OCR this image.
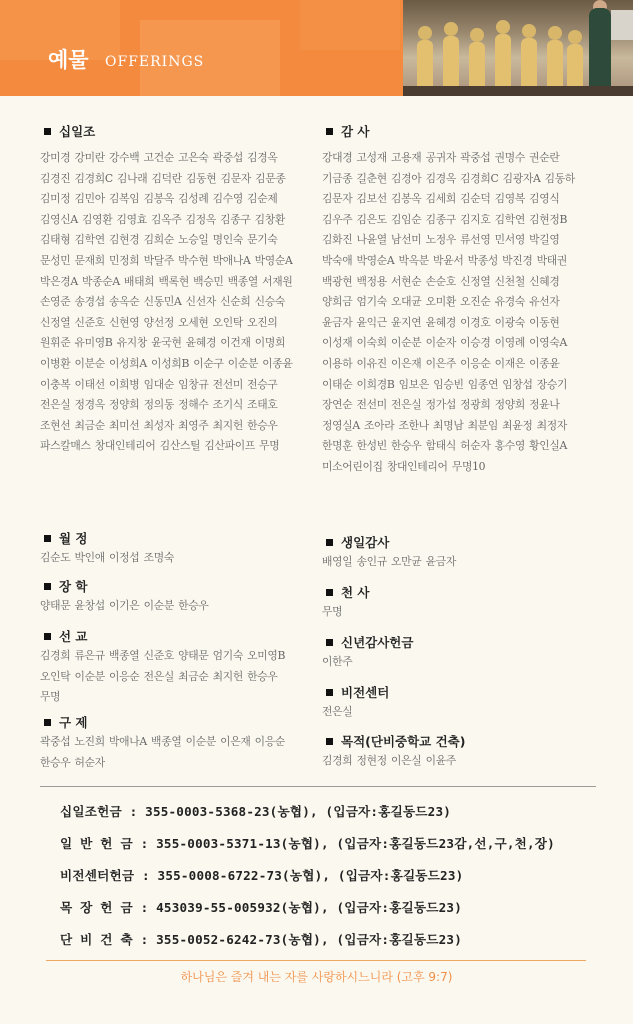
예물 OFFERINGS
십일조
강미경 강미란 강수백 고건순 고은숙 곽중섭 김경옥
김경진 김경희C 김나래 김덕란 김동현 김문자 김문종
김미정 김민아 김복임 김봉옥 김성례 김수영 김순제
김영신A 김영환 김영효 김옥주 김정옥 김종구 김창환
김태형 김학연 김현경 김희순 노승일 명인숙 문기숙
문성민 문재희 민정희 박달주 박수현 박애나A 박영순A
박은경A 박종순A 배태희 백록현 백승민 백종열 서재원
손영준 송경섭 송옥순 신동민A 신선자 신순희 신승숙
신정열 신준호 신현영 양선정 오세현 오인탁 오진의
원휘준 유미영B 유지창 윤국현 윤혜경 이건재 이명희
이병환 이분순 이성희A 이성희B 이순구 이순분 이종윤
이충복 이태선 이희병 임대순 임창규 전선미 전승구
전은실 정경옥 정양희 정의동 정해수 조기식 조태호
조현선 최금순 최미선 최성자 최영주 최지헌 한승우
파스칼매스 창대인테리어 김산스틸 김산파이프 무명
감 사
강대경 고성재 고용재 공귀자 곽중섭 권명수 권순란
기금종 길춘현 김경아 김경옥 김경희C 김광자A 김동하
김문자 김보선 김봉옥 김세희 김순덕 김영복 김영식
김우주 김은도 김임순 김종구 김지호 김학연 김현정B
김화진 나윤열 남선미 노정우 류선영 민서영 박길영
박숙애 박영순A 박옥분 박윤서 박종성 박진경 박태권
백광현 백정용 서현순 손순호 신정열 신천철 신혜경
양희금 엄기숙 오대균 오미환 오진순 유경숙 유선자
윤금자 윤익근 윤지연 윤혜경 이경호 이광숙 이동현
이성재 이숙희 이순분 이순자 이승경 이영례 이영숙A
이용하 이유진 이은재 이은주 이응순 이재은 이종윤
이태순 이희경B 임보은 임승빈 임종연 임창섭 장승기
장연순 전선미 전은실 정가섭 정광희 정양희 정윤나
정영실A 조아라 조한나 최명남 최분임 최윤정 최정자
한명훈 한성빈 한승우 함태식 허순자 홍수영 황인실A
미소어린이집 창대인테리어 무명10
월 정
김순도 박인애 이정섭 조명숙
장 학
양태문 윤창섭 이기은 이순분 한승우
선 교
김경희 류은규 백종열 신준호 양태문 엄기숙 오미영B
오인탁 이순분 이응순 전은실 최금순 최지헌 한승우
무명
구 제
곽중섭 노진희 박애나A 백종열 이순분 이은재 이응순
한승우 허순자
생일감사
배영일 송인규 오만균 윤금자
천 사
무명
신년감사헌금
이한주
비전센터
전은실
목적(단비중학교 건축)
김경희 정현정 이은실 이윤주
십일조헌금 : 355-0003-5368-23(농협), (입금자:홍길동드23)
일 반 헌 금 : 355-0003-5371-13(농협), (입금자:홍길동드23감,선,구,천,장)
비전센터헌금 : 355-0008-6722-73(농협), (입금자:홍길동드23)
목 장 헌 금 : 453039-55-005932(농협), (입금자:홍길동드23)
단 비 건 축 : 355-0052-6242-73(농협), (입금자:홍길동드23)
하나님은 즐겨 내는 자를 사랑하시느니라 (고후 9:7)
